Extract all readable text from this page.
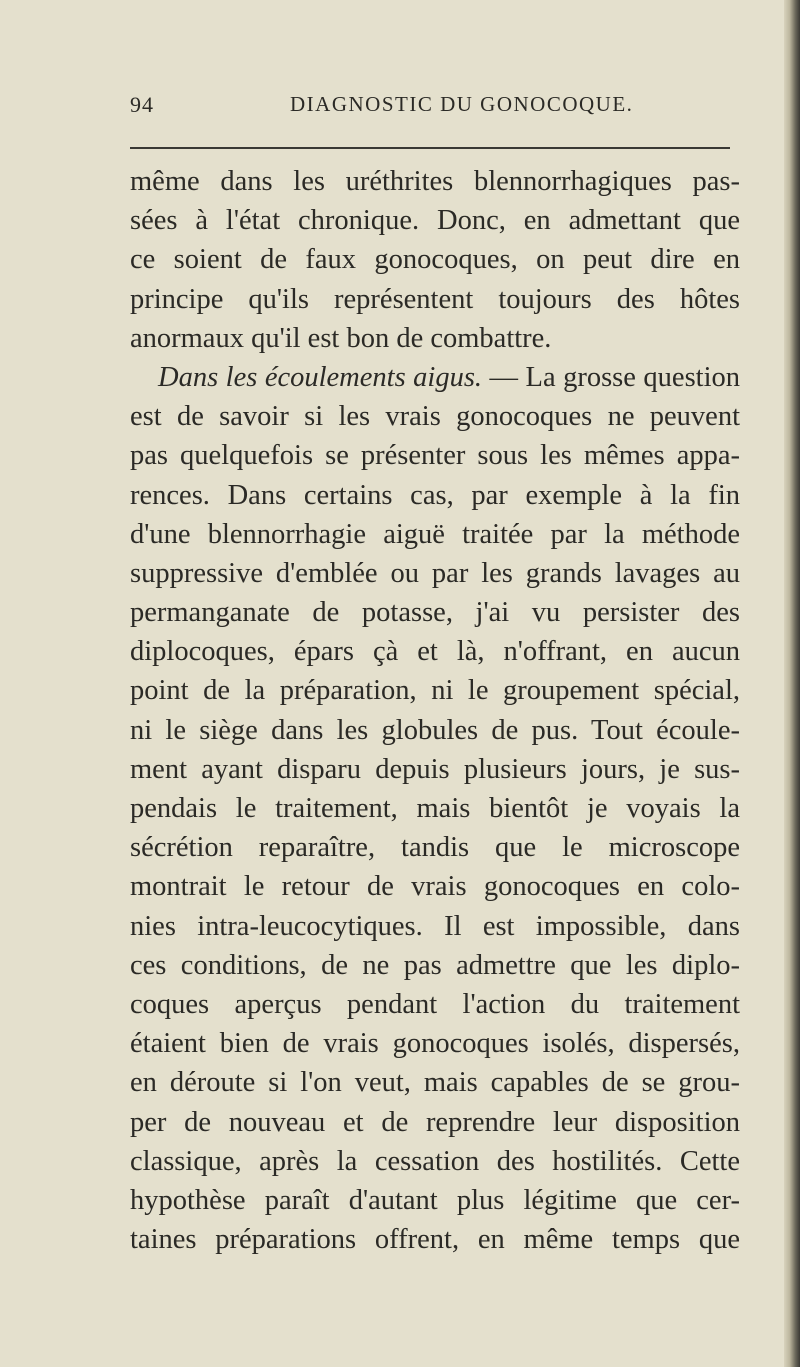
94	DIAGNOSTIC DU GONOCOQUE.
même dans les uréthrites blennorrhagiques pas-
sées à l'état chronique. Donc, en admettant que
ce soient de faux gonocoques, on peut dire en
principe qu'ils représentent toujours des hôtes
anormaux qu'il est bon de combattre.
Dans les écoulements aigus. — La grosse question
est de savoir si les vrais gonocoques ne peuvent
pas quelquefois se présenter sous les mêmes appa-
rences. Dans certains cas, par exemple à la fin
d'une blennorrhagie aiguë traitée par la méthode
suppressive d'emblée ou par les grands lavages au
permanganate de potasse, j'ai vu persister des
diplocoques, épars çà et là, n'offrant, en aucun
point de la préparation, ni le groupement spécial,
ni le siège dans les globules de pus. Tout écoule-
ment ayant disparu depuis plusieurs jours, je sus-
pendais le traitement, mais bientôt je voyais la
sécrétion reparaître, tandis que le microscope
montrait le retour de vrais gonocoques en colo-
nies intra-leucocytiques. Il est impossible, dans
ces conditions, de ne pas admettre que les diplo-
coques aperçus pendant l'action du traitement
étaient bien de vrais gonocoques isolés, dispersés,
en déroute si l'on veut, mais capables de se grou-
per de nouveau et de reprendre leur disposition
classique, après la cessation des hostilités. Cette
hypothèse paraît d'autant plus légitime que cer-
taines préparations offrent, en même temps que
